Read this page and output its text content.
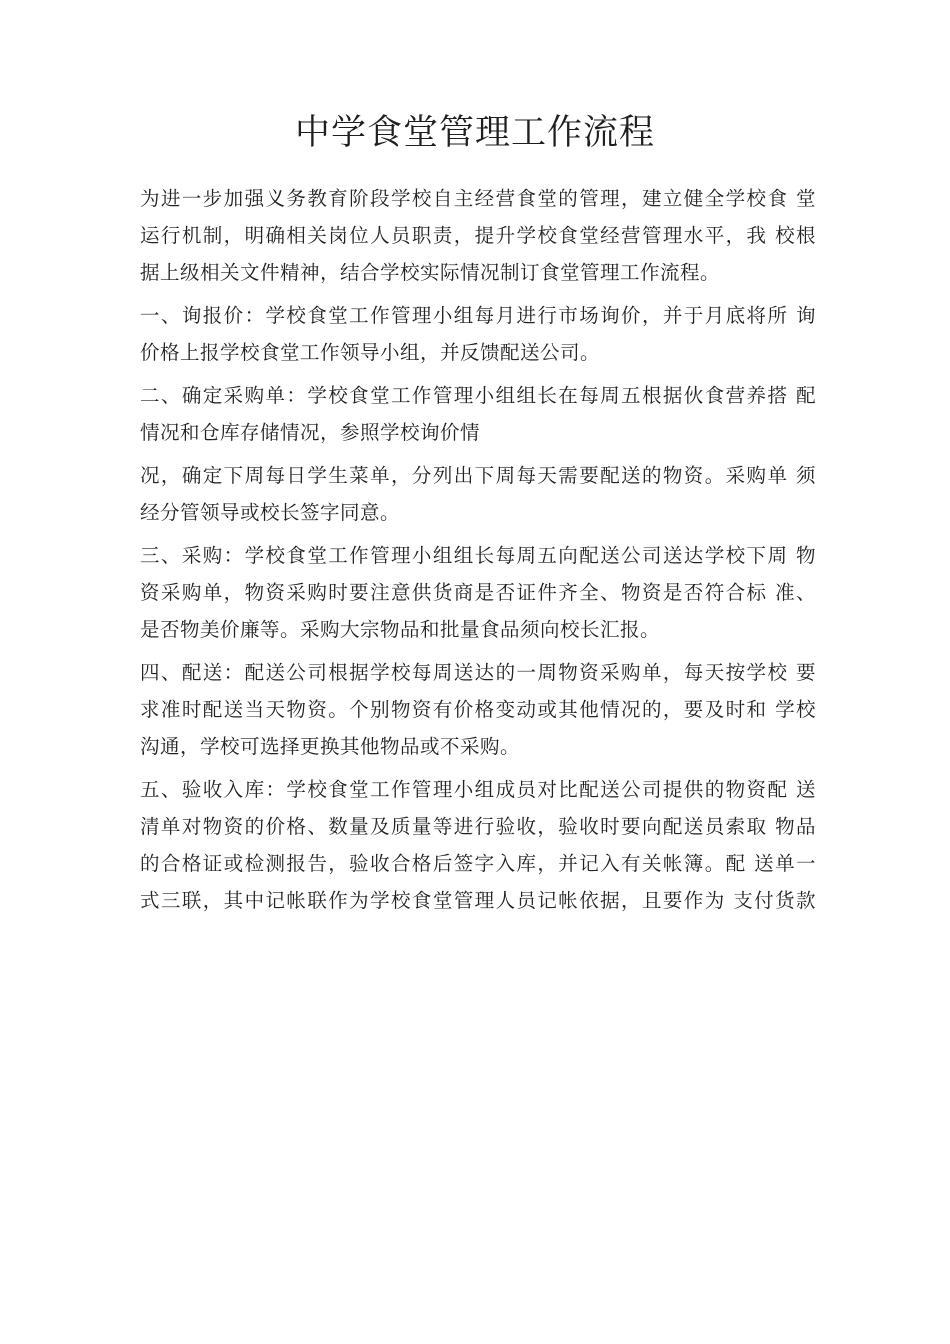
中学食堂管理工作流程

为进一步加强义务教育阶段学校自主经营食堂的管理，建立健全学校食 堂
运行机制，明确相关岗位人员职责，提升学校食堂经营管理水平，我 校根
据上级相关文件精神，结合学校实际情况制订食堂管理工作流程。

一、询报价：学校食堂工作管理小组每月进行市场询价，并于月底将所 询
价格上报学校食堂工作领导小组，并反馈配送公司。

二、确定采购单：学校食堂工作管理小组组长在每周五根据伙食营养搭 配
情况和仓库存储情况，参照学校询价情

况，确定下周每日学生菜单，分列出下周每天需要配送的物资。采购单 须
经分管领导或校长签字同意。

三、采购：学校食堂工作管理小组组长每周五向配送公司送达学校下周 物
资采购单，物资采购时要注意供货商是否证件齐全、物资是否符合标 准、
是否物美价廉等。采购大宗物品和批量食品须向校长汇报。

四、配送：配送公司根据学校每周送达的一周物资采购单，每天按学校 要
求准时配送当天物资。个别物资有价格变动或其他情况的，要及时和 学校
沟通，学校可选择更换其他物品或不采购。

五、验收入库：学校食堂工作管理小组成员对比配送公司提供的物资配 送
清单对物资的价格、数量及质量等进行验收，验收时要向配送员索取 物品
的合格证或检测报告，验收合格后签字入库，并记入有关帐簿。配 送单一
式三联，其中记帐联作为学校食堂管理人员记帐依据，且要作为 支付货款
